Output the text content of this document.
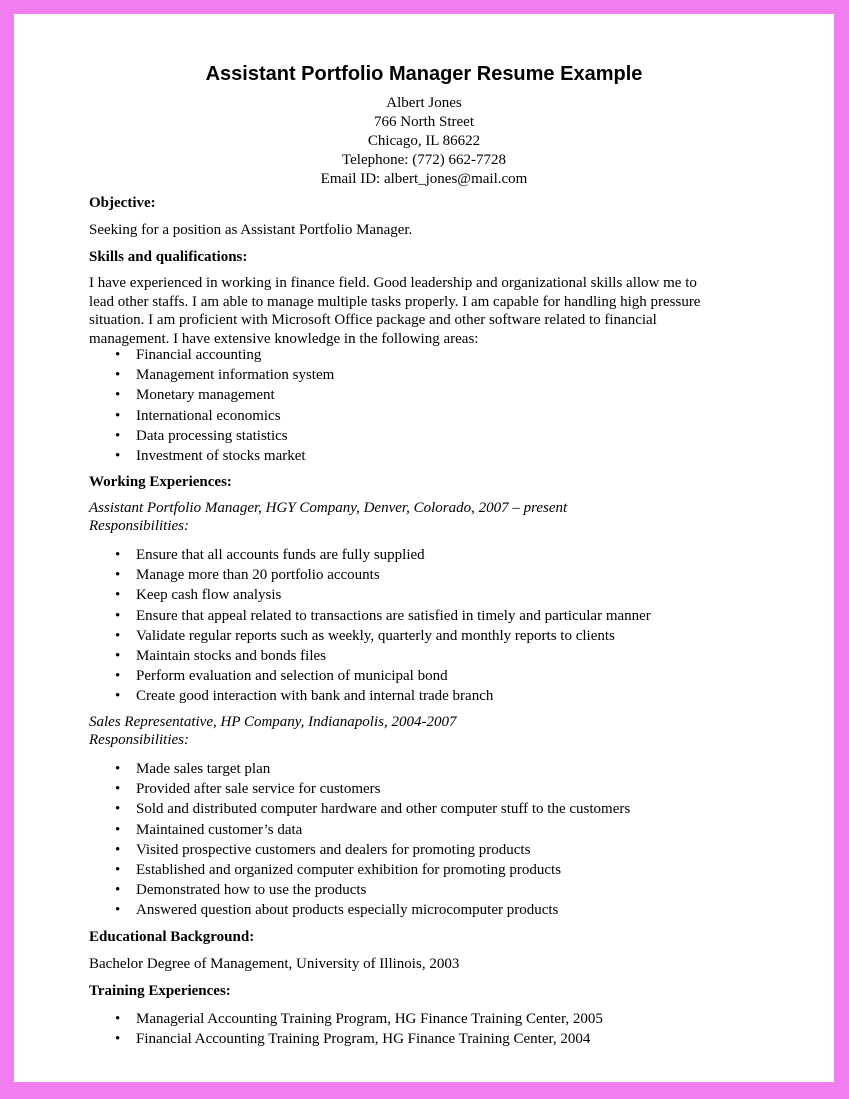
Assistant Portfolio Manager Resume Example
Albert Jones
766 North Street
Chicago, IL 86622
Telephone: (772) 662-7728
Email ID: albert_jones@mail.com
Objective:

Seeking for a position as Assistant Portfolio Manager.

Skills and qualifications:
I have experienced in working in finance field. Good leadership and organizational skills allow me to
lead other staffs. I am able to manage multiple tasks properly. I am capable for handling high pressure
situation. I am proficient with Microsoft Office package and other software related to financial
management. I have extensive knowledge in the following areas:
• Financial accounting
• Management information system
• Monetary management
• International economics
• Data processing statistics
• Investment of stocks market
Working Experiences:
Assistant Portfolio Manager, HGY Company, Denver, Colorado, 2007 – present
Responsibilities:
• Ensure that all accounts funds are fully supplied
• Manage more than 20 portfolio accounts
• Keep cash flow analysis
• Ensure that appeal related to transactions are satisfied in timely and particular manner
• Validate regular reports such as weekly, quarterly and monthly reports to clients
• Maintain stocks and bonds files
• Perform evaluation and selection of municipal bond
• Create good interaction with bank and internal trade branch
Sales Representative, HP Company, Indianapolis, 2004-2007
Responsibilities:
• Made sales target plan
• Provided after sale service for customers
• Sold and distributed computer hardware and other computer stuff to the customers
• Maintained customer’s data
• Visited prospective customers and dealers for promoting products
• Established and organized computer exhibition for promoting products
• Demonstrated how to use the products
• Answered question about products especially microcomputer products
Educational Background:

Bachelor Degree of Management, University of Illinois, 2003

Training Experiences:
• Managerial Accounting Training Program, HG Finance Training Center, 2005
• Financial Accounting Training Program, HG Finance Training Center, 2004
